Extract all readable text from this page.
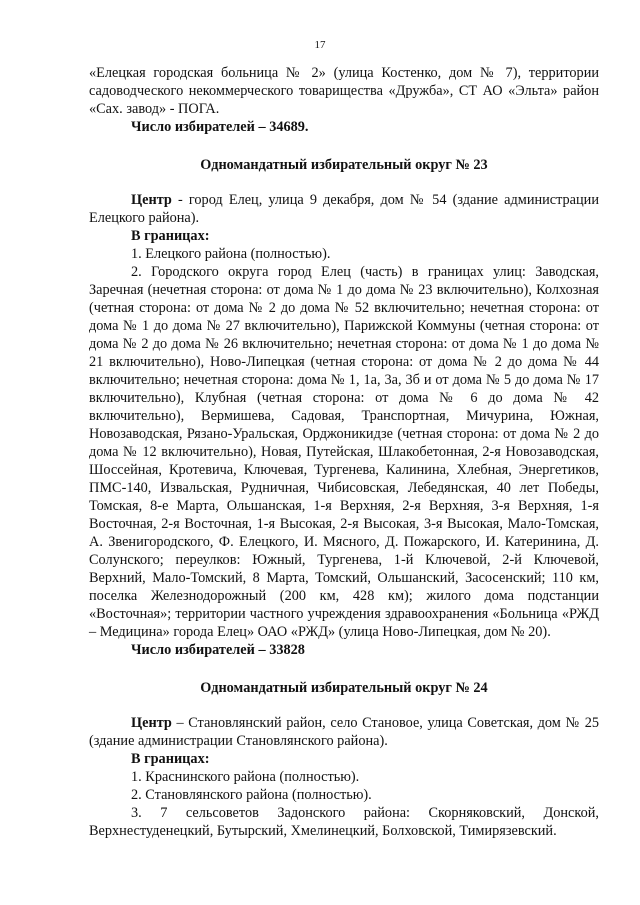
17

«Елецкая городская больница № 2» (улица Костенко, дом № 7), территории садоводческого некоммерческого товарищества «Дружба», СТ АО «Эльта» район «Сах. завод» - ПОГА.

Число избирателей – 34689.

Одномандатный избирательный округ № 23

Центр - город Елец, улица 9 декабря, дом № 54 (здание администрации Елецкого района).

В границах:

1. Елецкого района (полностью).

2. Городского округа город Елец (часть) в границах улиц: Заводская, Заречная (нечетная сторона: от дома № 1 до дома № 23 включительно), Колхозная (четная сторона: от дома № 2 до дома № 52 включительно; нечетная сторона: от дома № 1 до дома № 27 включительно), Парижской Коммуны (четная сторона: от дома № 2 до дома № 26 включительно; нечетная сторона: от дома № 1 до дома № 21 включительно), Ново-Липецкая (четная сторона: от дома № 2 до дома № 44 включительно; нечетная сторона: дома № 1, 1а, 3а, 3б и от дома № 5 до дома № 17 включительно), Клубная (четная сторона: от дома № 6 до дома № 42 включительно), Вермишева, Садовая, Транспортная, Мичурина, Южная, Новозаводская, Рязано-Уральская, Орджоникидзе (четная сторона: от дома № 2 до дома № 12 включительно), Новая, Путейская, Шлакобетонная, 2-я Новозаводская, Шоссейная, Кротевича, Ключевая, Тургенева, Калинина, Хлебная, Энергетиков, ПМС-140, Извальская, Рудничная, Чибисовская, Лебедянская, 40 лет Победы, Томская, 8-е Марта, Ольшанская, 1-я Верхняя, 2-я Верхняя, 3-я Верхняя, 1-я Восточная, 2-я Восточная, 1-я Высокая, 2-я Высокая, 3-я Высокая, Мало-Томская, А. Звенигородского, Ф. Елецкого, И. Мясного, Д. Пожарского, И. Катеринина, Д. Солунского; переулков: Южный, Тургенева, 1-й Ключевой, 2-й Ключевой, Верхний, Мало-Томский, 8 Марта, Томский, Ольшанский, Засосенский; 110 км, поселка Железнодорожный (200 км, 428 км); жилого дома подстанции «Восточная»; территории частного учреждения здравоохранения «Больница «РЖД – Медицина» города Елец» ОАО «РЖД» (улица Ново-Липецкая, дом № 20).

Число избирателей – 33828

Одномандатный избирательный округ № 24

Центр – Становлянский район, село Становое, улица Советская, дом № 25 (здание администрации Становлянского района).

В границах:

1. Краснинского района (полностью).

2. Становлянского района (полностью).

3. 7 сельсоветов Задонского района: Скорняковский, Донской, Верхнестуденецкий, Бутырский, Хмелинецкий, Болховской, Тимирязевский.
